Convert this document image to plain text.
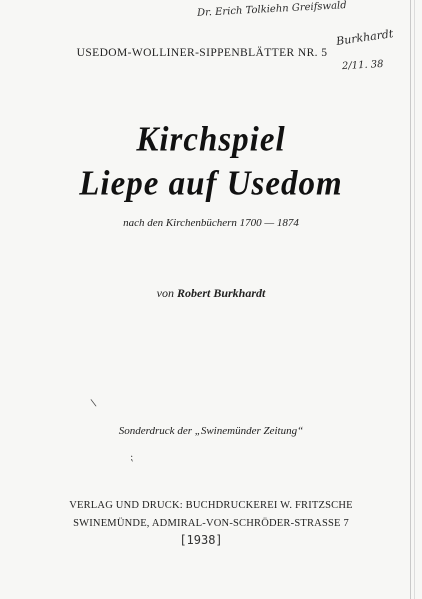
Dr. Erich Tolkiehn Greifswald
Burkhardt
2/11. 38
USEDOM-WOLLINER-SIPPENBLÄTTER NR. 5
Kirchspiel
Liepe auf Usedom
nach den Kirchenbüchern 1700 — 1874
von Robert Burkhardt
\
Sonderdruck der „Swinemünder Zeitung“
⁏
VERLAG UND DRUCK: BUCHDRUCKEREI W. FRITZSCHE
SWINEMÜNDE, ADMIRAL-VON-SCHRÖDER-STRASSE 7
[1938]
